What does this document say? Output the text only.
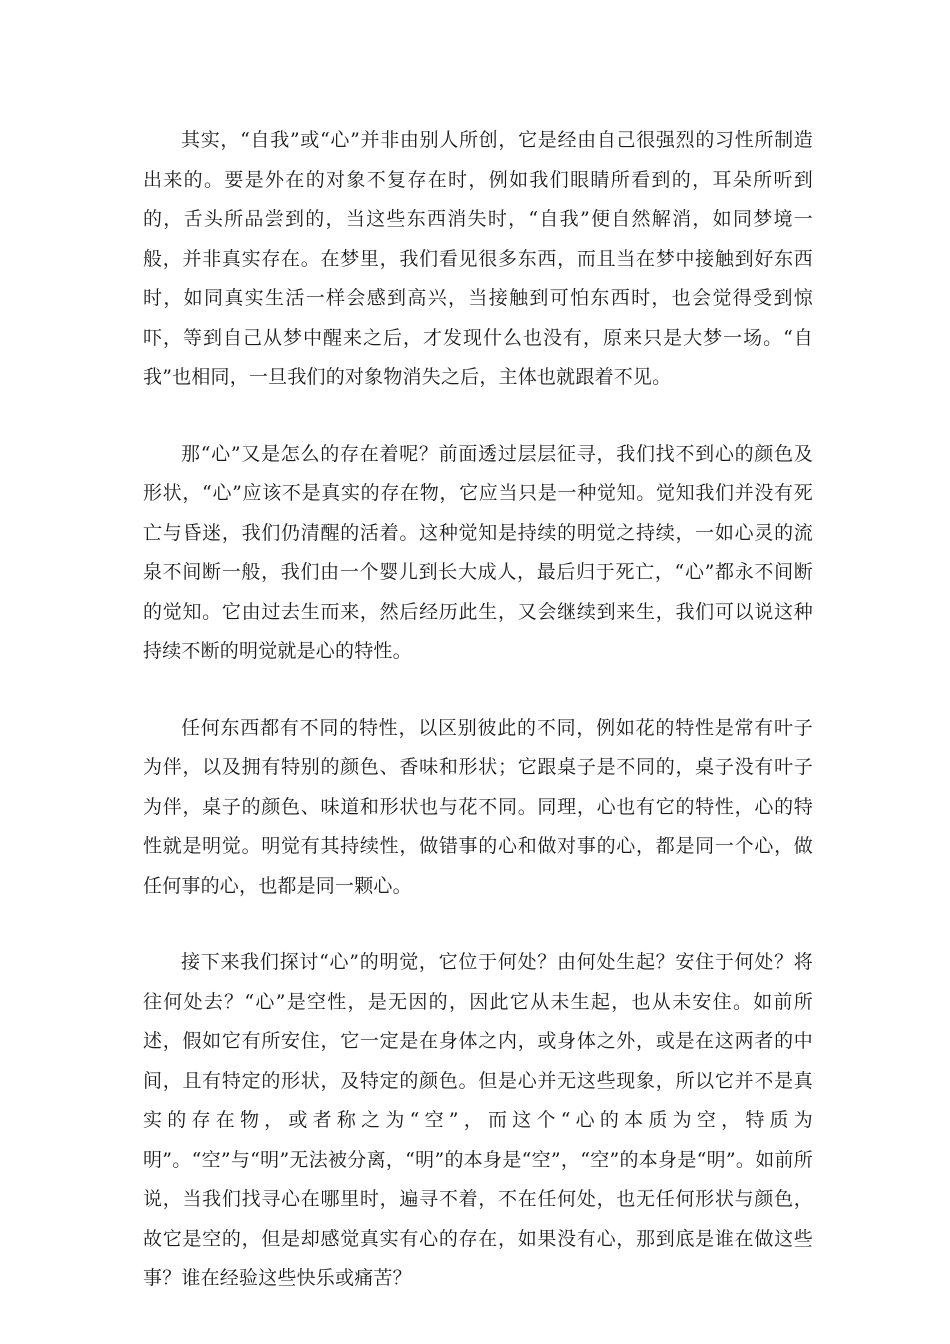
其实，“自我”或“心”并非由别人所创，它是经由自己很强烈的习性所制造出来的。要是外在的对象不复存在时，例如我们眼睛所看到的，耳朵所听到的，舌头所品尝到的，当这些东西消失时，“自我”便自然解消，如同梦境一般，并非真实存在。在梦里，我们看见很多东西，而且当在梦中接触到好东西时，如同真实生活一样会感到高兴，当接触到可怕东西时，也会觉得受到惊吓，等到自己从梦中醒来之后，才发现什么也没有，原来只是大梦一场。“自我”也相同，一旦我们的对象物消失之后，主体也就跟着不见。

那“心”又是怎么的存在着呢？前面透过层层征寻，我们找不到心的颜色及形状，“心”应该不是真实的存在物，它应当只是一种觉知。觉知我们并没有死亡与昏迷，我们仍清醒的活着。这种觉知是持续的明觉之持续，一如心灵的流泉不间断一般，我们由一个婴儿到长大成人，最后归于死亡，“心”都永不间断的觉知。它由过去生而来，然后经历此生，又会继续到来生，我们可以说这种持续不断的明觉就是心的特性。

任何东西都有不同的特性，以区别彼此的不同，例如花的特性是常有叶子为伴，以及拥有特别的颜色、香味和形状；它跟桌子是不同的，桌子没有叶子为伴，桌子的颜色、味道和形状也与花不同。同理，心也有它的特性，心的特性就是明觉。明觉有其持续性，做错事的心和做对事的心，都是同一个心，做任何事的心，也都是同一颗心。

接下来我们探讨“心”的明觉，它位于何处？由何处生起？安住于何处？将往何处去？“心”是空性，是无因的，因此它从未生起，也从未安住。如前所述，假如它有所安住，它一定是在身体之内，或身体之外，或是在这两者的中间，且有特定的形状，及特定的颜色。但是心并无这些现象，所以它并不是真实的存在物，或者称之为“空”，而这个“心的本质为空，特质为明”。“空”与“明”无法被分离，“明”的本身是“空”，“空”的本身是“明”。如前所说，当我们找寻心在哪里时，遍寻不着，不在任何处，也无任何形状与颜色，故它是空的，但是却感觉真实有心的存在，如果没有心，那到底是谁在做这些事？谁在经验这些快乐或痛苦？
